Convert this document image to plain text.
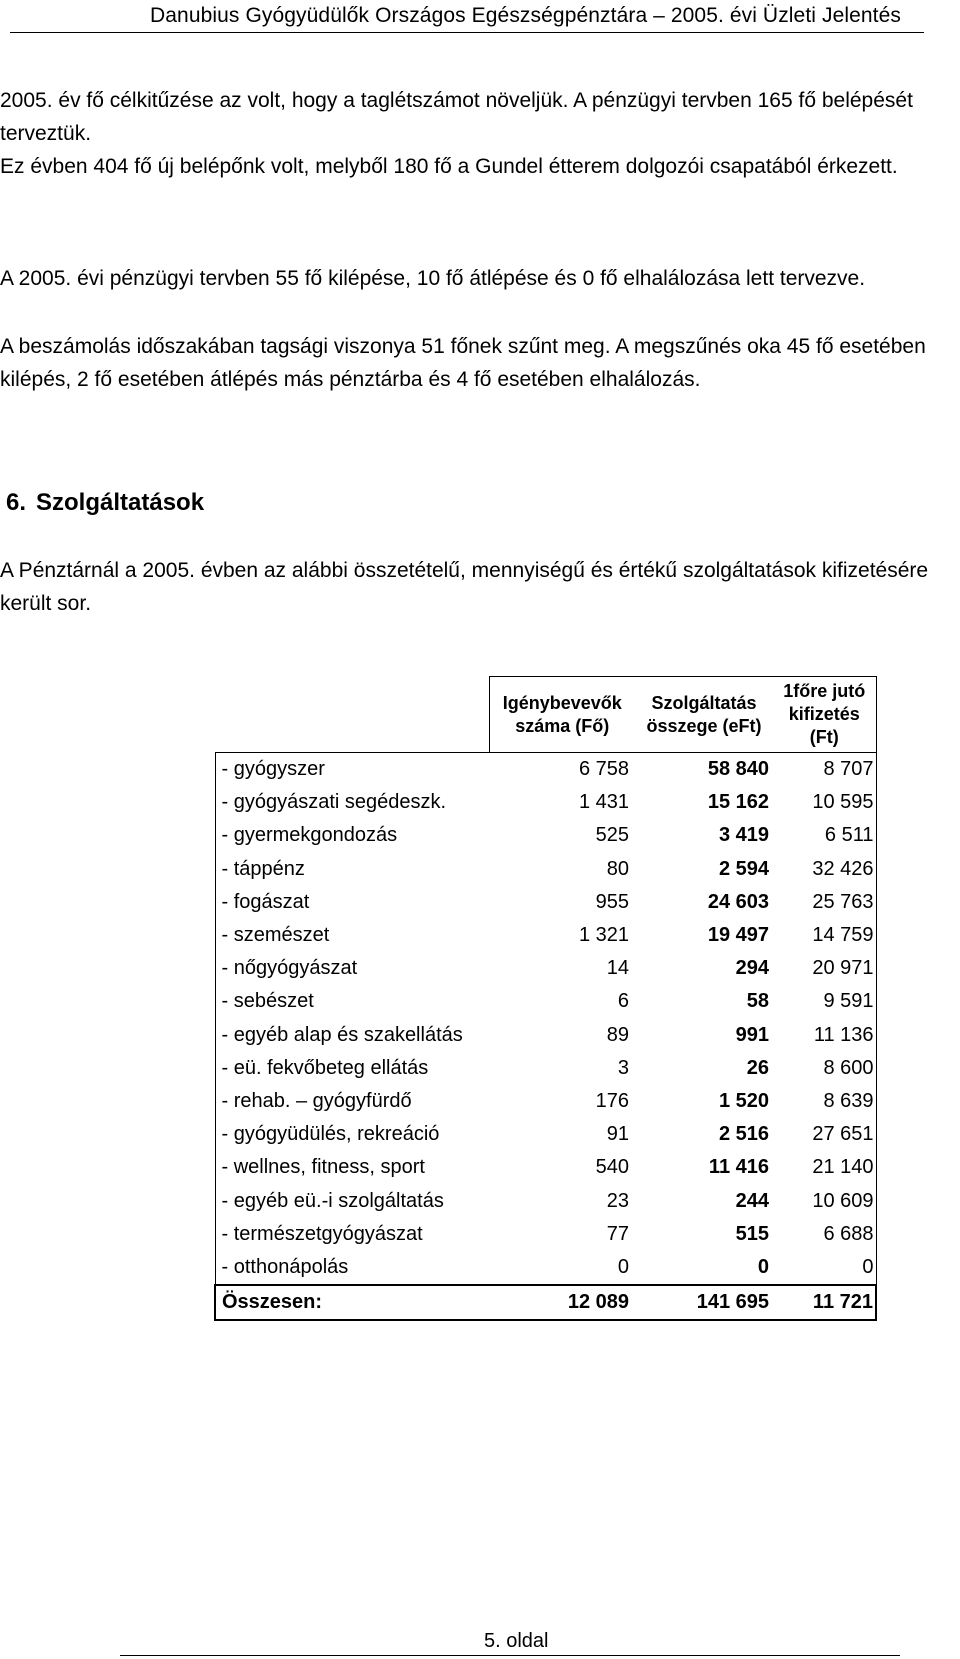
Danubius Gyógyüdülők Országos Egészségpénztára – 2005. évi Üzleti Jelentés
2005. év fő célkitűzése az volt, hogy a taglétszámot növeljük. A pénzügyi tervben 165 fő belépését terveztük.
Ez évben 404 fő új belépőnk volt, melyből 180 fő a Gundel étterem dolgozói csapatából érkezett.
A 2005. évi pénzügyi tervben 55 fő kilépése, 10 fő átlépése és 0 fő elhalálozása lett tervezve.
A beszámolás időszakában tagsági viszonya 51 főnek szűnt meg. A megszűnés oka 45 fő esetében kilépés, 2 fő esetében átlépés más pénztárba és 4 fő esetében elhalálozás.
6. Szolgáltatások
A Pénztárnál a 2005. évben az alábbi összetételű, mennyiségű és értékű szolgáltatások kifizetésére került sor.
	Igénybevevők száma (Fő)	Szolgáltatás összege (eFt)	1főre jutó kifizetés (Ft)
- gyógyszer	6 758	58 840	8 707
- gyógyászati segédeszk.	1 431	15 162	10 595
- gyermekgondozás	525	3 419	6 511
- táppénz	80	2 594	32 426
- fogászat	955	24 603	25 763
- szemészet	1 321	19 497	14 759
- nőgyógyászat	14	294	20 971
- sebészet	6	58	9 591
- egyéb alap és szakellátás	89	991	11 136
- eü. fekvőbeteg ellátás	3	26	8 600
- rehab. – gyógyfürdő	176	1 520	8 639
- gyógyüdülés, rekreáció	91	2 516	27 651
- wellnes, fitness, sport	540	11 416	21 140
- egyéb eü.-i szolgáltatás	23	244	10 609
- természetgyógyászat	77	515	6 688
- otthonápolás	0	0	0
Összesen:	12 089	141 695	11 721
5. oldal
